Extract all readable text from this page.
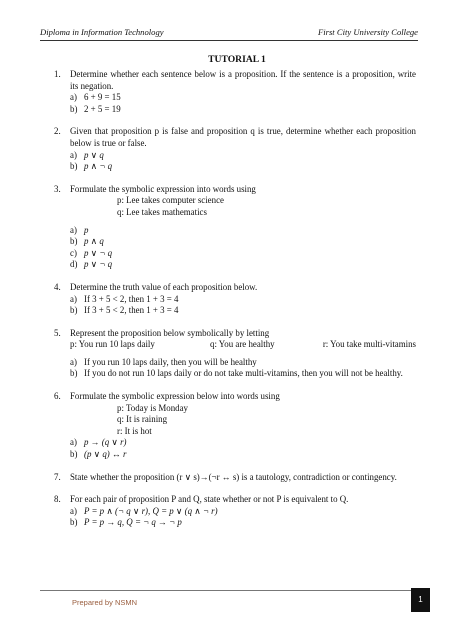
Diploma in Information Technology	First City University College
TUTORIAL 1
1. Determine whether each sentence below is a proposition. If the sentence is a proposition, write its negation.
a) 6 + 9 = 15
b) 2 + 5 = 19
2. Given that proposition p is false and proposition q is true, determine whether each proposition below is true or false.
a) p ∨ q
b) p ∧ ¬ q
3. Formulate the symbolic expression into words using
p: Lee takes computer science
q: Lee takes mathematics
a) p
b) p ∧ q
c) p ∨ ¬ q
d) p ∨ ¬ q
4. Determine the truth value of each proposition below.
a) If 3 + 5 < 2, then 1 + 3 = 4
b) If 3 + 5 < 2, then 1 + 3 = 4
5. Represent the proposition below symbolically by letting
p: You run 10 laps daily	q: You are healthy	r: You take multi-vitamins
a) If you run 10 laps daily, then you will be healthy
b) If you do not run 10 laps daily or do not take multi-vitamins, then you will not be healthy.
6. Formulate the symbolic expression below into words using
p: Today is Monday
q: It is raining
r: It is hot
a) p → (q ∨ r)
b) (p ∨ q) ↔ r
7. State whether the proposition (r ∨ s)→(¬r ↔ s) is a tautology, contradiction or contingency.
8. For each pair of proposition P and Q, state whether or not P is equivalent to Q.
a) P = p ∧ (¬ q ∨ r), Q = p ∨ (q ∧ ¬ r)
b) P = p → q, Q = ¬ q → ¬ p
Prepared by NSMN	1
